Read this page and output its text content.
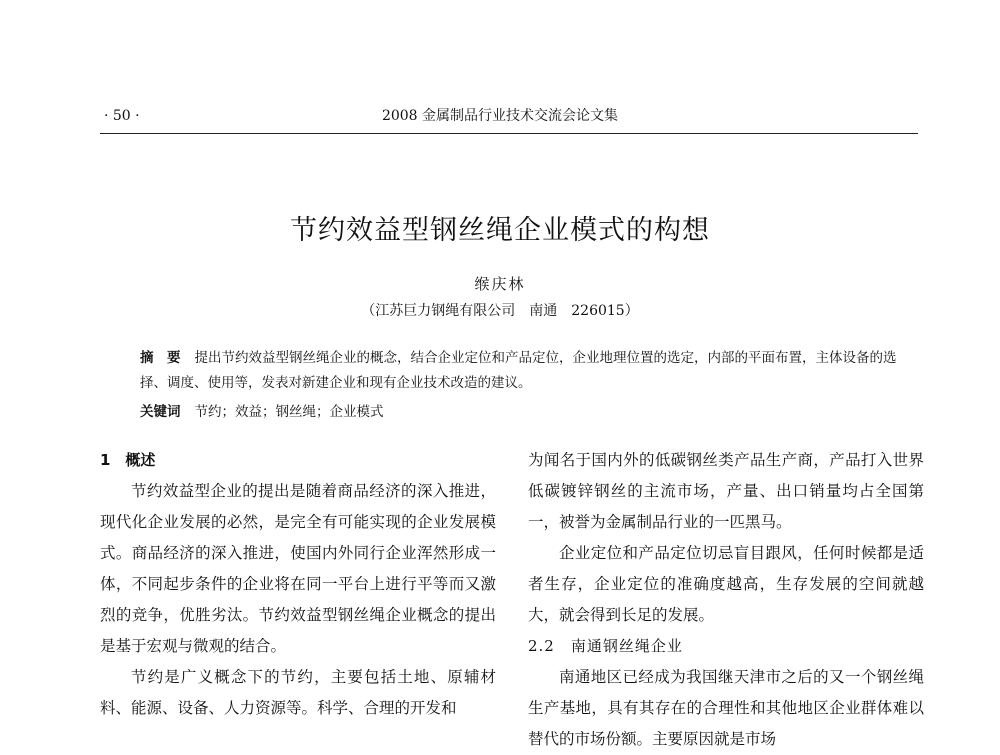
· 50 ·	2008 金属制品行业技术交流会论文集
节约效益型钢丝绳企业模式的构想
缑庆林
（江苏巨力钢绳有限公司　南通　226015）
摘　要 提出节约效益型钢丝绳企业的概念，结合企业定位和产品定位，企业地理位置的选定，内部的平面布置，主体设备的选择、调度、使用等，发表对新建企业和现有企业技术改造的建议。
关键词 节约；效益；钢丝绳；企业模式
1　概述

节约效益型企业的提出是随着商品经济的深入推进，现代化企业发展的必然，是完全有可能实现的企业发展模式。商品经济的深入推进，使国内外同行企业浑然形成一体，不同起步条件的企业将在同一平台上进行平等而又激烈的竞争，优胜劣汰。节约效益型钢丝绳企业概念的提出是基于宏观与微观的结合。

节约是广义概念下的节约，主要包括土地、原辅材料、能源、设备、人力资源等。科学、合理的开发和

为闻名于国内外的低碳钢丝类产品生产商，产品打入世界低碳镀锌钢丝的主流市场，产量、出口销量均占全国第一，被誉为金属制品行业的一匹黑马。

企业定位和产品定位切忌盲目跟风，任何时候都是适者生存，企业定位的准确度越高，生存发展的空间就越大，就会得到长足的发展。

2.2　南通钢丝绳企业

南通地区已经成为我国继天津市之后的又一个钢丝绳生产基地，具有其存在的合理性和其他地区企业群体难以替代的市场份额。主要原因就是市场
